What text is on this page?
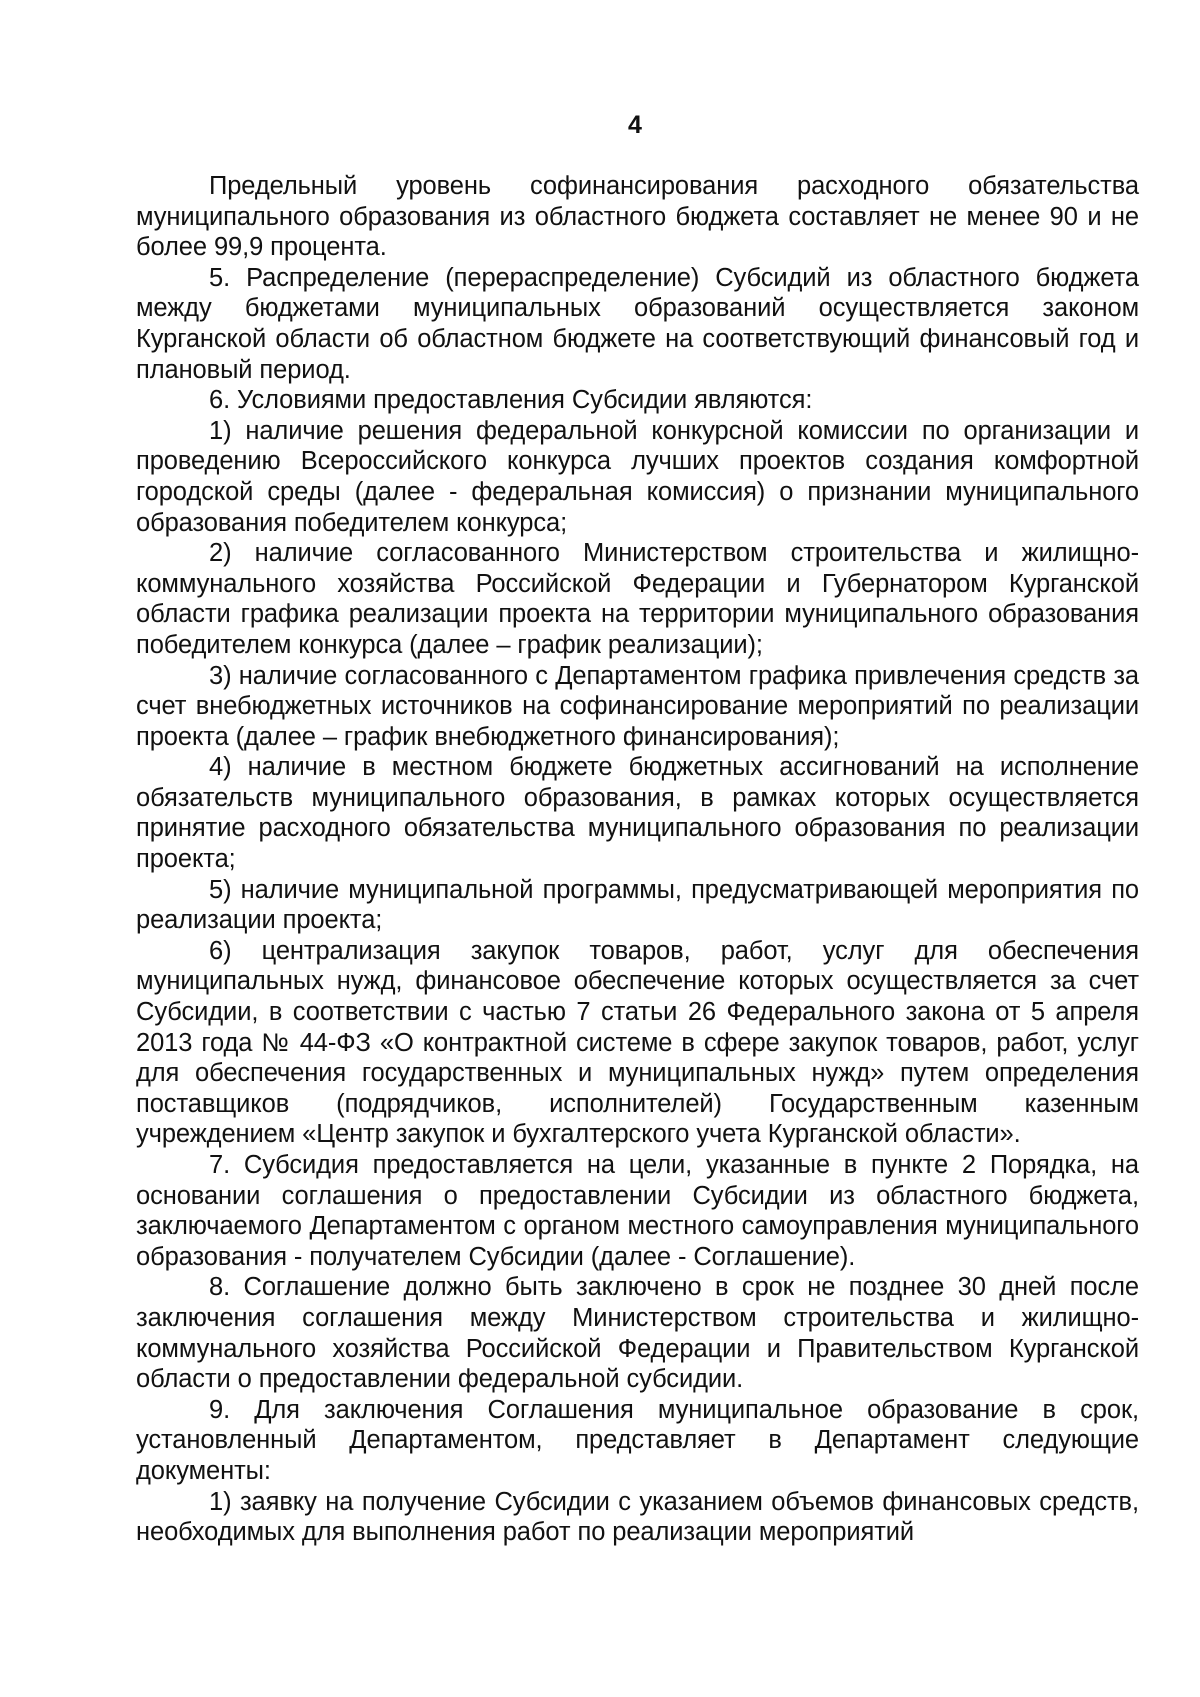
4

Предельный уровень софинансирования расходного обязательства муниципального образования из областного бюджета составляет не менее 90 и не более 99,9 процента.

5. Распределение (перераспределение) Субсидий из областного бюджета между бюджетами муниципальных образований осуществляется законом Курганской области об областном бюджете на соответствующий финансовый год и плановый период.

6. Условиями предоставления Субсидии являются:

1) наличие решения федеральной конкурсной комиссии по организации и проведению Всероссийского конкурса лучших проектов создания комфортной городской среды (далее - федеральная комиссия) о признании муниципального образования победителем конкурса;

2) наличие согласованного Министерством строительства и жилищно-коммунального хозяйства Российской Федерации и Губернатором Курганской области графика реализации проекта на территории муниципального образования победителем конкурса (далее – график реализации);

3) наличие согласованного с Департаментом графика привлечения средств за счет внебюджетных источников на софинансирование мероприятий по реализации проекта (далее – график внебюджетного финансирования);

4) наличие в местном бюджете бюджетных ассигнований на исполнение обязательств муниципального образования, в рамках которых осуществляется принятие расходного обязательства муниципального образования по реализации проекта;

5) наличие муниципальной программы, предусматривающей мероприятия по реализации проекта;

6) централизация закупок товаров, работ, услуг для обеспечения муниципальных нужд, финансовое обеспечение которых осуществляется за счет Субсидии, в соответствии с частью 7 статьи 26 Федерального закона от 5 апреля 2013 года № 44-ФЗ «О контрактной системе в сфере закупок товаров, работ, услуг для обеспечения государственных и муниципальных нужд» путем определения поставщиков (подрядчиков, исполнителей) Государственным казенным учреждением «Центр закупок и бухгалтерского учета Курганской области».

7. Субсидия предоставляется на цели, указанные в пункте 2 Порядка, на основании соглашения о предоставлении Субсидии из областного бюджета, заключаемого Департаментом с органом местного самоуправления муниципального образования - получателем Субсидии (далее - Соглашение).

8. Соглашение должно быть заключено в срок не позднее 30 дней после заключения соглашения между Министерством строительства и жилищно-коммунального хозяйства Российской Федерации и Правительством Курганской области о предоставлении федеральной субсидии.

9. Для заключения Соглашения муниципальное образование в срок, установленный Департаментом, представляет в Департамент следующие документы:

1) заявку на получение Субсидии с указанием объемов финансовых средств, необходимых для выполнения работ по реализации мероприятий
